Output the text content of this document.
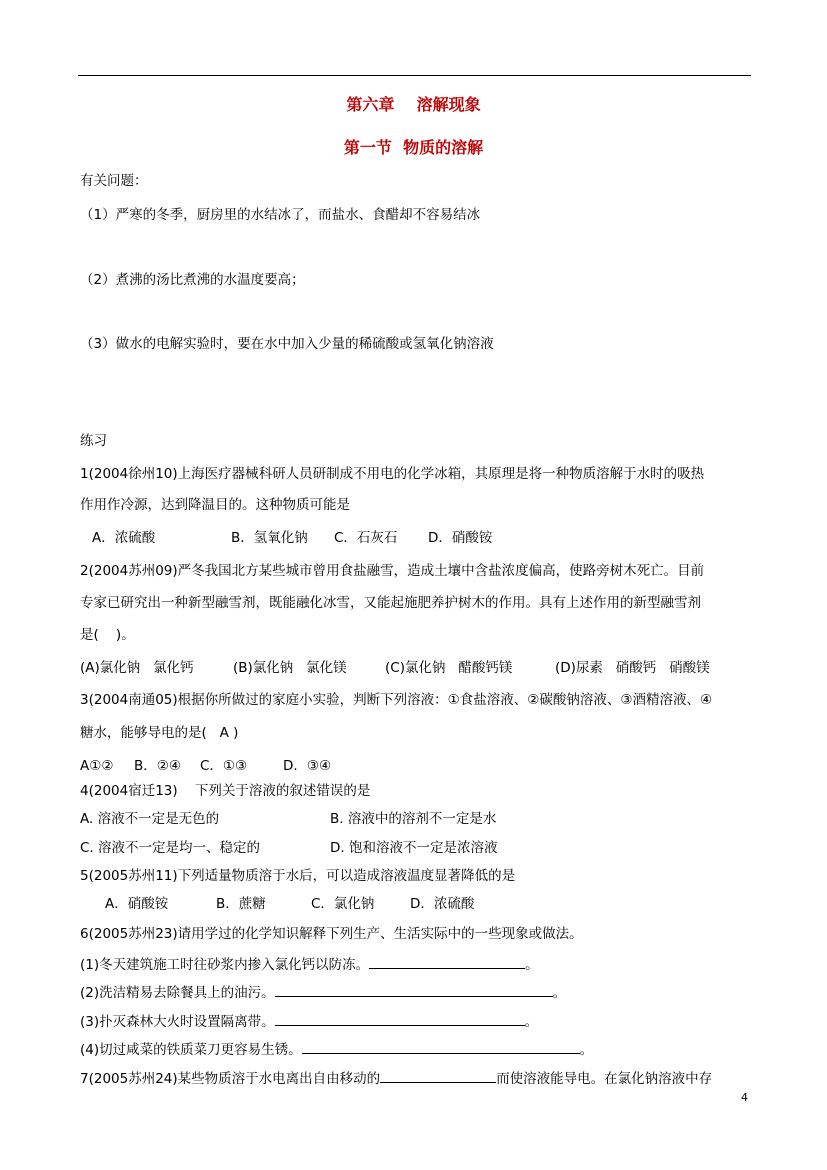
第六章    溶解现象
第一节  物质的溶解
有关问题：
（1）严寒的冬季，厨房里的水结冰了，而盐水、食醋却不容易结冰
（2）煮沸的汤比煮沸的水温度要高；
（3）做水的电解实验时，要在水中加入少量的稀硫酸或氢氧化钠溶液
练习
1(2004徐州10)上海医疗器械科研人员研制成不用电的化学冰箱，其原理是将一种物质溶解于水时的吸热
作用作冷源，达到降温目的。这种物质可能是
A．浓硫酸	B．氢氧化钠 C．石灰石 D．硝酸铵
2(2004苏州09)严冬我国北方某些城市曾用食盐融雪，造成土壤中含盐浓度偏高，使路旁树木死亡。目前
专家已研究出一种新型融雪剂，既能融化冰雪，又能起施肥养护树木的作用。具有上述作用的新型融雪剂
是(    )。
(A)氯化钠   氯化钙	(B)氯化钠   氯化镁	(C)氯化钠   醋酸钙镁	(D)尿素   硝酸钙   硝酸镁
3(2004南通05)根据你所做过的家庭小实验，判断下列溶液：①食盐溶液、②碳酸钠溶液、③酒精溶液、④
糖水，能够导电的是(   A )
A①② B．②④ C．①③	D．③④
4(2004宿迁13)    下列关于溶液的叙述错误的是
A. 溶液不一定是无色的	B. 溶液中的溶剂不一定是水
C. 溶液不一定是均一、稳定的	D. 饱和溶液不一定是浓溶液
5(2005苏州11)下列适量物质溶于水后，可以造成溶液温度显著降低的是
A．硝酸铵	B．蔗糖	C．氯化钠	D．浓硫酸
6(2005苏州23)请用学过的化学知识解释下列生产、生活实际中的一些现象或做法。
(1)冬天建筑施工时往砂浆内掺入氯化钙以防冻。	。
(2)洗洁精易去除餐具上的油污。	。
(3)扑灭森林大火时设置隔离带。	。
(4)切过咸菜的铁质菜刀更容易生锈。	。
7(2005苏州24)某些物质溶于水电离出自由移动的	而使溶液能导电。在氯化钠溶液中存
4
